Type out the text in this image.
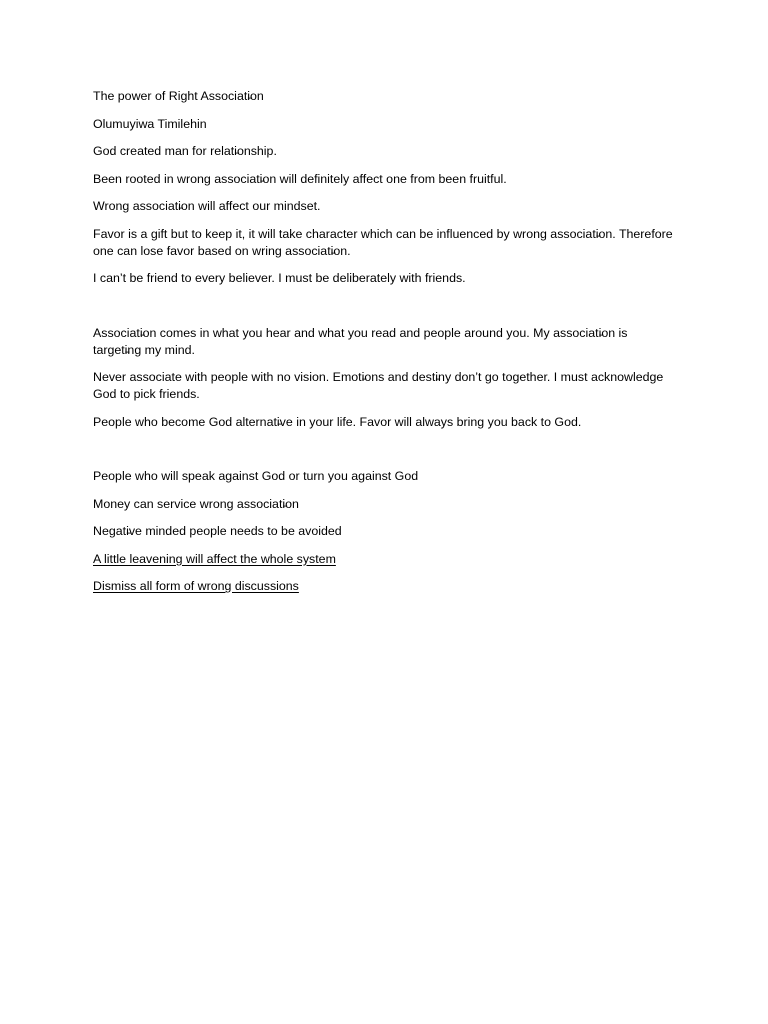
The power of Right Associati̵on

Olumuyiwa Timilehin

God created man for relati̵onship.

Been rooted in wrong associati̵on will definitely affect one from been fruitful.

Wrong associati̵on will affect our mindset.

Favor is a gift but to keep it, it will take character which can be influenced by wrong associati̵on. Therefore one can lose favor based on wring associati̵on.

I can’t be friend to every believer. I must be deliberately with friends.

Associati̵on comes in what you hear and what you read and people around you. My associati̵on is targeti̵ng my mind.

Never associate with people with no vision. Emoti̵ons and desti̵ny don’t go together. I must acknowledge God to pick friends.

People who become God alternati̵ve in your life. Favor will always bring you back to God.

People who will speak against God or turn you against God

Money can service wrong associati̵on

Negati̵ve minded people needs to be avoided

A little leavening will affect the whole system

Dismiss all form of wrong discussions
